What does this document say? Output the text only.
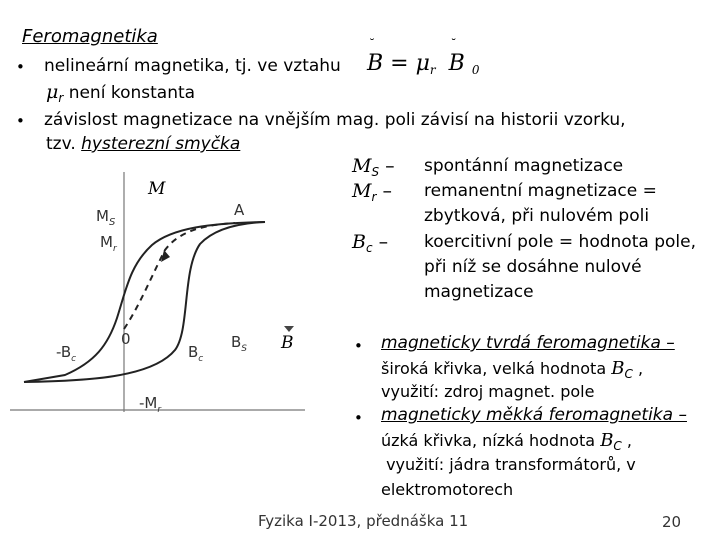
Feromagnetika
• nelineární magnetika, tj. ve vztahu
˘
$B = \mu_r$
˘
B $_0$
$\mu_r$ není konstanta
• závislost magnetizace na vnějším mag. poli závisí na historii vzorku,
tzv. hysterezní smyčka
$M_S$ – spontánní magnetizace
$M_r$ – remanentní magnetizace =
zbytková, při nulovém poli
$B_c$ – koercitivní pole = hodnota pole,
při níž se dosáhne nulové
magnetizace
M
$M_S$
$M_r$
A
0
$-B_c$	$B_c$
$B_S$ B
$-M_r$
• magneticky tvrdá feromagnetika –
široká křivka, velká hodnota $B_C$ ,
využití: zdroj magnet. pole
• magneticky měkká feromagnetika –
úzká křivka, nízká hodnota $B_C$ ,
využití: jádra transformátorů, v
elektromotorech
Fyzika I-2013, přednáška 11	20
